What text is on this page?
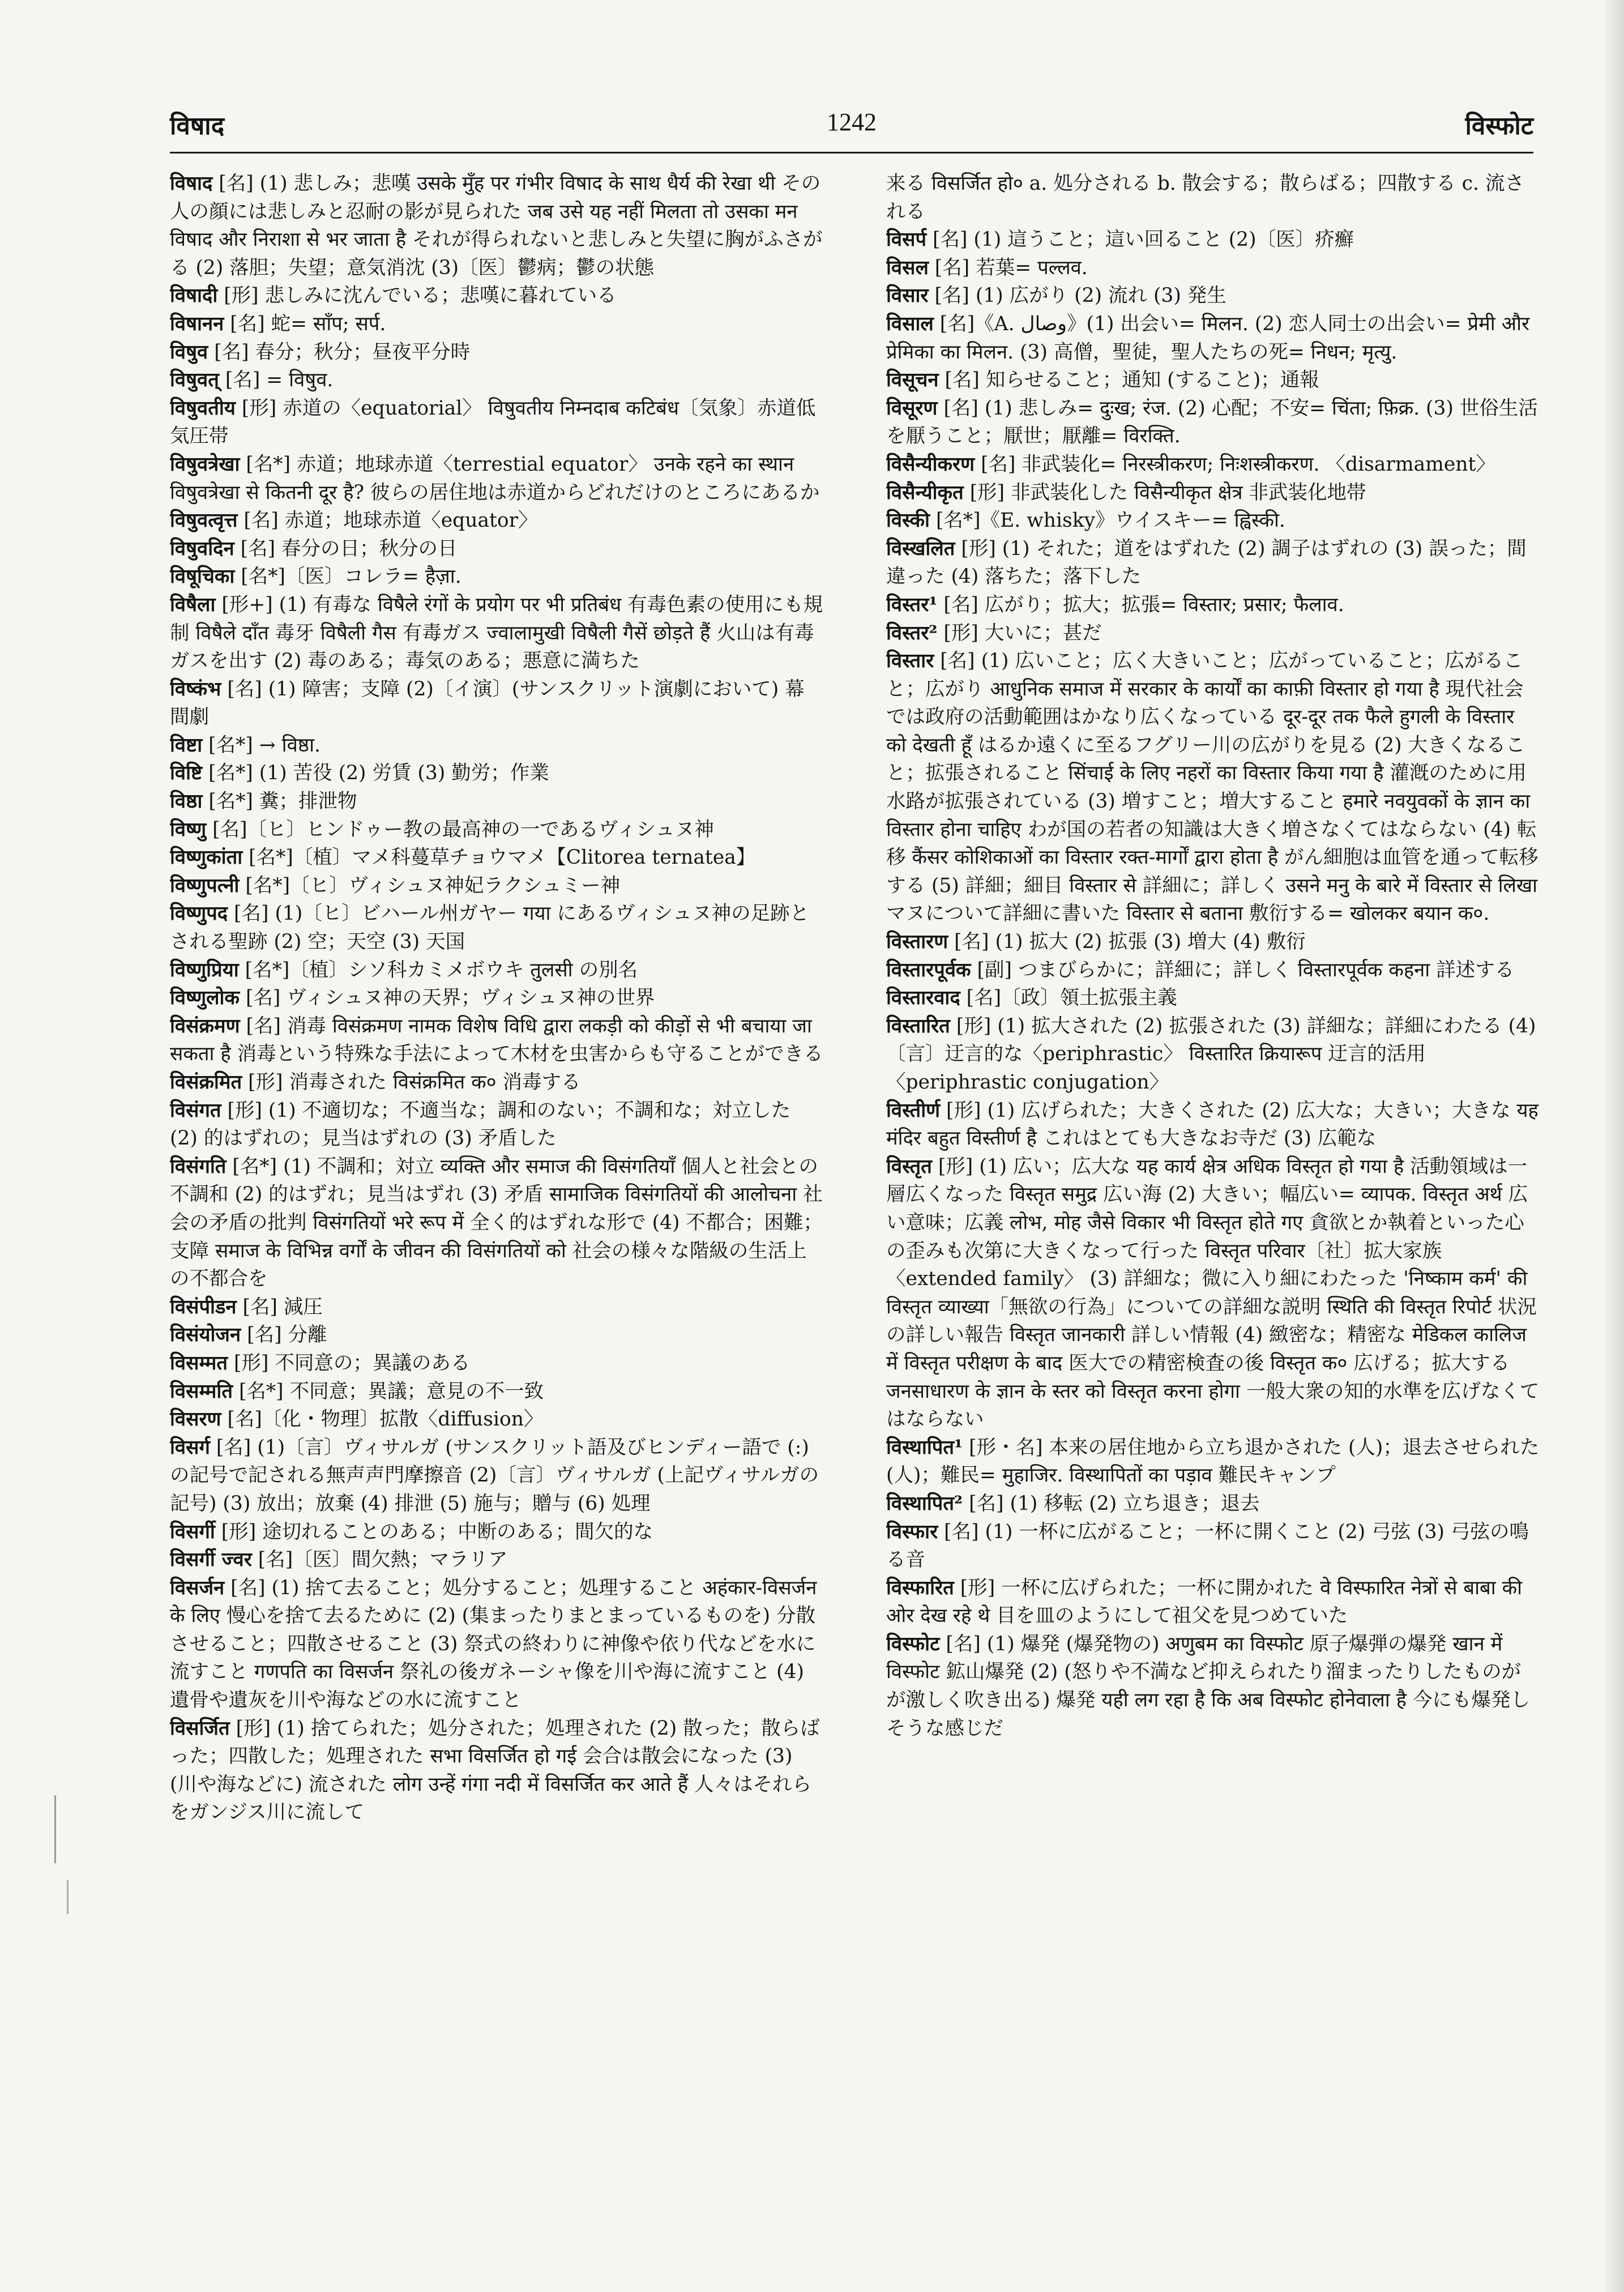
विषाद	1242	विस्फोट

विषाद [名] (1) 悲しみ；悲嘆 उसके मुँह पर गंभीर विषाद के साथ धैर्य की रेखा थी その人の顔には悲しみと忍耐の影が見られた जब उसे यह नहीं मिलता तो उसका मन विषाद और निराशा से भर जाता है それが得られないと悲しみと失望に胸がふさがる (2) 落胆；失望；意気消沈 (3)〔医〕鬱病；鬱の状態

विषादी [形] 悲しみに沈んでいる；悲嘆に暮れている

विषानन [名] 蛇= साँप; सर्प.

विषुव [名] 春分；秋分；昼夜平分時

विषुवत् [名] = विषुव.

विषुवतीय [形] 赤道の〈equatorial〉 विषुवतीय निम्नदाब कटिबंध〔気象〕赤道低気圧帯

विषुवत्रेखा [名*] 赤道；地球赤道〈terrestial equator〉 उनके रहने का स्थान विषुवत्रेखा से कितनी दूर है? 彼らの居住地は赤道からどれだけのところにあるか

विषुवत्वृत्त [名] 赤道；地球赤道〈equator〉

विषुवदिन [名] 春分の日；秋分の日

विषूचिका [名*]〔医〕コレラ= हैज़ा.

विषैला [形+] (1) 有毒な विषैले रंगों के प्रयोग पर भी प्रतिबंध 有毒色素の使用にも規制 विषैले दाँत 毒牙 विषैली गैस 有毒ガス ज्वालामुखी विषैली गैसें छोड़ते हैं 火山は有毒ガスを出す (2) 毒のある；毒気のある；悪意に満ちた

विष्कंभ [名] (1) 障害；支障 (2)〔イ演〕(サンスクリット演劇において) 幕間劇

विष्टा [名*] → विष्ठा.

विष्टि [名*] (1) 苦役 (2) 労賃 (3) 勤労；作業

विष्ठा [名*] 糞；排泄物

विष्णु [名]〔ヒ〕ヒンドゥー教の最高神の一であるヴィシュヌ神

विष्णुकांता [名*]〔植〕マメ科蔓草チョウマメ【Clitorea ternatea】

विष्णुपत्नी [名*]〔ヒ〕ヴィシュヌ神妃ラクシュミー神

विष्णुपद [名] (1)〔ヒ〕ビハール州ガヤー गया にあるヴィシュヌ神の足跡とされる聖跡 (2) 空；天空 (3) 天国

विष्णुप्रिया [名*]〔植〕シソ科カミメボウキ तुलसी の別名

विष्णुलोक [名] ヴィシュヌ神の天界；ヴィシュヌ神の世界

विसंक्रमण [名] 消毒 विसंक्रमण नामक विशेष विधि द्वारा लकड़ी को कीड़ों से भी बचाया जा सकता है 消毒という特殊な手法によって木材を虫害からも守ることができる

विसंक्रमित [形] 消毒された विसंक्रमित क० 消毒する

विसंगत [形] (1) 不適切な；不適当な；調和のない；不調和な；対立した (2) 的はずれの；見当はずれの (3) 矛盾した

विसंगति [名*] (1) 不調和；対立 व्यक्ति और समाज की विसंगतियाँ 個人と社会との不調和 (2) 的はずれ；見当はずれ (3) 矛盾 सामाजिक विसंगतियों की आलोचना 社会の矛盾の批判 विसंगतियों भरे रूप में 全く的はずれな形で (4) 不都合；困難；支障 समाज के विभिन्न वर्गों के जीवन की विसंगतियों को 社会の様々な階級の生活上の不都合を

विसंपीडन [名] 減圧

विसंयोजन [名] 分離

विसम्मत [形] 不同意の；異議のある

विसम्मति [名*] 不同意；異議；意見の不一致

विसरण [名]〔化・物理〕拡散〈diffusion〉

विसर्ग [名] (1)〔言〕ヴィサルガ (サンスクリット語及びヒンディー語で (:) の記号で記される無声声門摩擦音 (2)〔言〕ヴィサルガ (上記ヴィサルガの記号) (3) 放出；放棄 (4) 排泄 (5) 施与；贈与 (6) 処理

विसर्गी [形] 途切れることのある；中断のある；間欠的な

विसर्गी ज्वर [名]〔医〕間欠熱；マラリア

विसर्जन [名] (1) 捨て去ること；処分すること；処理すること अहंकार-विसर्जन के लिए 慢心を捨て去るために (2) (集まったりまとまっているものを) 分散させること；四散させること (3) 祭式の終わりに神像や依り代などを水に流すこと गणपति का विसर्जन 祭礼の後ガネーシャ像を川や海に流すこと (4) 遺骨や遺灰を川や海などの水に流すこと

विसर्जित [形] (1) 捨てられた；処分された；処理された (2) 散った；散らばった；四散した；処理された सभा विसर्जित हो गई 会合は散会になった (3) (川や海などに) 流された लोग उन्हें गंगा नदी में विसर्जित कर आते हैं 人々はそれらをガンジス川に流して

来る विसर्जित हो० a. 処分される b. 散会する；散らばる；四散する c. 流される

विसर्प [名] (1) 這うこと；這い回ること (2)〔医〕疥癬

विसल [名] 若葉= पल्लव.

विसार [名] (1) 広がり (2) 流れ (3) 発生

विसाल [名]《A. وصال》(1) 出会い= मिलन. (2) 恋人同士の出会い= प्रेमी और प्रेमिका का मिलन. (3) 高僧，聖徒，聖人たちの死= निधन; मृत्यु.

विसूचन [名] 知らせること；通知 (すること)；通報

विसूरण [名] (1) 悲しみ= दुःख; रंज. (2) 心配；不安= चिंता; फ़िक्र. (3) 世俗生活を厭うこと；厭世；厭離= विरक्ति.

विसैन्यीकरण [名] 非武装化= निरस्त्रीकरण; निःशस्त्रीकरण. 〈disarmament〉

विसैन्यीकृत [形] 非武装化した विसैन्यीकृत क्षेत्र 非武装化地帯

विस्की [名*]《E. whisky》ウイスキー= ह्विस्की.

विस्खलित [形] (1) それた；道をはずれた (2) 調子はずれの (3) 誤った；間違った (4) 落ちた；落下した

विस्तर¹ [名] 広がり；拡大；拡張= विस्तार; प्रसार; फैलाव.

विस्तर² [形] 大いに；甚だ

विस्तार [名] (1) 広いこと；広く大きいこと；広がっていること；広がること；広がり आधुनिक समाज में सरकार के कार्यों का काफ़ी विस्तार हो गया है 現代社会では政府の活動範囲はかなり広くなっている दूर-दूर तक फैले हुगली के विस्तार को देखती हूँ はるか遠くに至るフグリー川の広がりを見る (2) 大きくなること；拡張されること सिंचाई के लिए नहरों का विस्तार किया गया है 灌漑のために用水路が拡張されている (3) 増すこと；増大すること हमारे नवयुवकों के ज्ञान का विस्तार होना चाहिए わが国の若者の知識は大きく増さなくてはならない (4) 転移 कैंसर कोशिकाओं का विस्तार रक्त-मार्गों द्वारा होता है がん細胞は血管を通って転移する (5) 詳細；細目 विस्तार से 詳細に；詳しく उसने मनु के बारे में विस्तार से लिखा マヌについて詳細に書いた विस्तार से बताना 敷衍する= खोलकर बयान क०.

विस्तारण [名] (1) 拡大 (2) 拡張 (3) 増大 (4) 敷衍

विस्तारपूर्वक [副] つまびらかに；詳細に；詳しく विस्तारपूर्वक कहना 詳述する

विस्तारवाद [名]〔政〕領土拡張主義

विस्तारित [形] (1) 拡大された (2) 拡張された (3) 詳細な；詳細にわたる (4)〔言〕迂言的な〈periphrastic〉 विस्तारित क्रियारूप 迂言的活用〈periphrastic conjugation〉

विस्तीर्ण [形] (1) 広げられた；大きくされた (2) 広大な；大きい；大きな यह मंदिर बहुत विस्तीर्ण है これはとても大きなお寺だ (3) 広範な

विस्तृत [形] (1) 広い；広大な यह कार्य क्षेत्र अधिक विस्तृत हो गया है 活動領域は一層広くなった विस्तृत समुद्र 広い海 (2) 大きい；幅広い= व्यापक. विस्तृत अर्थ 広い意味；広義 लोभ, मोह जैसे विकार भी विस्तृत होते गए 貪欲とか執着といった心の歪みも次第に大きくなって行った विस्तृत परिवार〔社〕拡大家族〈extended family〉 (3) 詳細な；微に入り細にわたった 'निष्काम कर्म' की विस्तृत व्याख्या「無欲の行為」についての詳細な説明 स्थिति की विस्तृत रिपोर्ट 状況の詳しい報告 विस्तृत जानकारी 詳しい情報 (4) 緻密な；精密な मेडिकल कालिज में विस्तृत परीक्षण के बाद 医大での精密検査の後 विस्तृत क० 広げる；拡大する जनसाधारण के ज्ञान के स्तर को विस्तृत करना होगा 一般大衆の知的水準を広げなくてはならない

विस्थापित¹ [形・名] 本来の居住地から立ち退かされた (人)；退去させられた (人)；難民= मुहाजिर. विस्थापितों का पड़ाव 難民キャンプ

विस्थापित² [名] (1) 移転 (2) 立ち退き；退去

विस्फार [名] (1) 一杯に広がること；一杯に開くこと (2) 弓弦 (3) 弓弦の鳴る音

विस्फारित [形] 一杯に広げられた；一杯に開かれた वे विस्फारित नेत्रों से बाबा की ओर देख रहे थे 目を皿のようにして祖父を見つめていた

विस्फोट [名] (1) 爆発 (爆発物の) अणुबम का विस्फोट 原子爆弾の爆発 खान में विस्फोट 鉱山爆発 (2) (怒りや不満など抑えられたり溜まったりしたものがが激しく吹き出る) 爆発 यही लग रहा है कि अब विस्फोट होनेवाला है 今にも爆発しそうな感じだ
